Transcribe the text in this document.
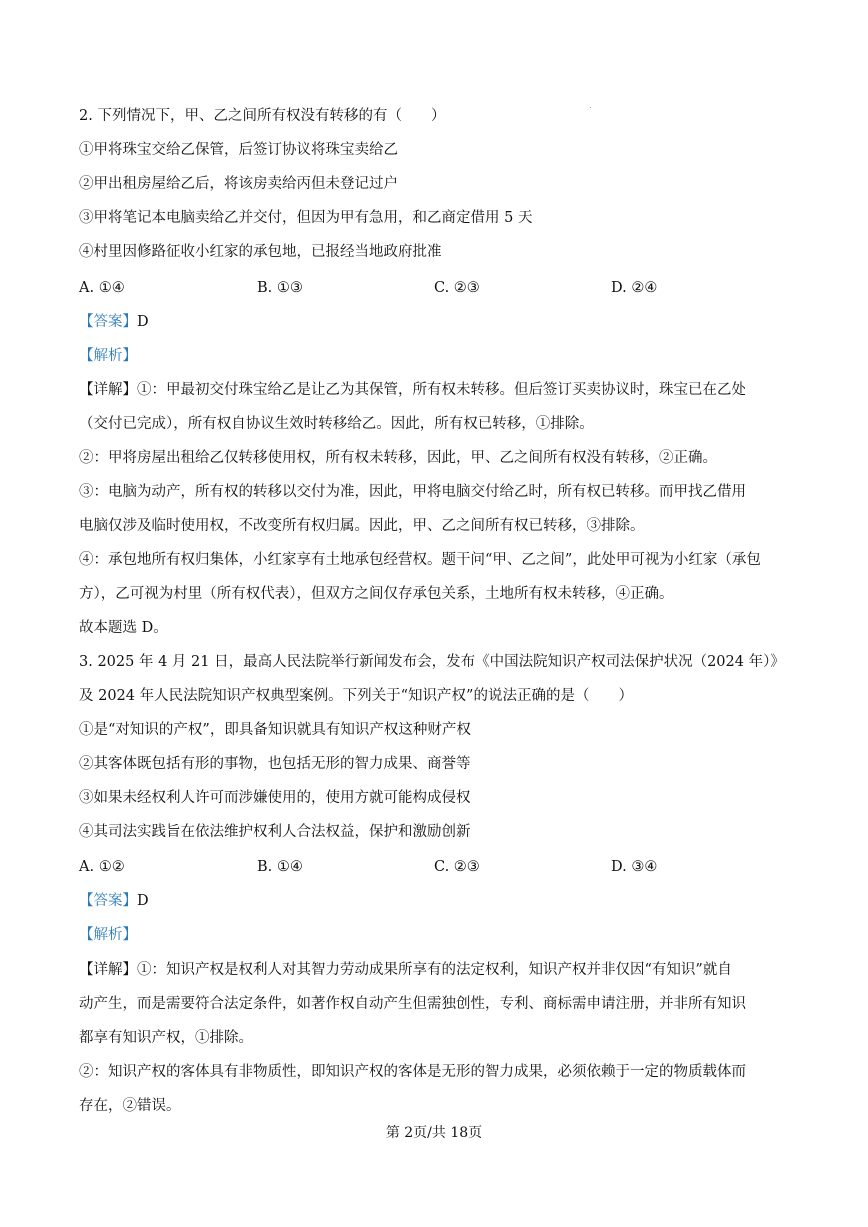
2. 下列情况下，甲、乙之间所有权没有转移的有（　　）
①甲将珠宝交给乙保管，后签订协议将珠宝卖给乙
②甲出租房屋给乙后，将该房卖给丙但未登记过户
③甲将笔记本电脑卖给乙并交付，但因为甲有急用，和乙商定借用 5 天
④村里因修路征收小红家的承包地，已报经当地政府批准
A. ①④	B. ①③	C. ②③	D. ②④
【答案】D
【解析】
【详解】①：甲最初交付珠宝给乙是让乙为其保管，所有权未转移。但后签订买卖协议时，珠宝已在乙处
（交付已完成），所有权自协议生效时转移给乙。因此，所有权已转移，①排除。
②：甲将房屋出租给乙仅转移使用权，所有权未转移，因此，甲、乙之间所有权没有转移，②正确。
③：电脑为动产，所有权的转移以交付为准，因此，甲将电脑交付给乙时，所有权已转移。而甲找乙借用
电脑仅涉及临时使用权，不改变所有权归属。因此，甲、乙之间所有权已转移，③排除。
④：承包地所有权归集体，小红家享有土地承包经营权。题干问“甲、乙之间”，此处甲可视为小红家（承包
方），乙可视为村里（所有权代表），但双方之间仅存承包关系，土地所有权未转移，④正确。
故本题选 D。
3. 2025 年 4 月 21 日，最高人民法院举行新闻发布会，发布《中国法院知识产权司法保护状况（2024 年）》
及 2024 年人民法院知识产权典型案例。下列关于“知识产权”的说法正确的是（　　）
①是“对知识的产权”，即具备知识就具有知识产权这种财产权
②其客体既包括有形的事物，也包括无形的智力成果、商誉等
③如果未经权利人许可而涉嫌使用的，使用方就可能构成侵权
④其司法实践旨在依法维护权利人合法权益，保护和激励创新
A. ①②	B. ①④	C. ②③	D. ③④
【答案】D
【解析】
【详解】①：知识产权是权利人对其智力劳动成果所享有的法定权利，知识产权并非仅因“有知识”就自
动产生，而是需要符合法定条件，如著作权自动产生但需独创性，专利、商标需申请注册，并非所有知识
都享有知识产权，①排除。
②：知识产权的客体具有非物质性，即知识产权的客体是无形的智力成果，必须依赖于一定的物质载体而
存在，②错误。
第 2页/共 18页
